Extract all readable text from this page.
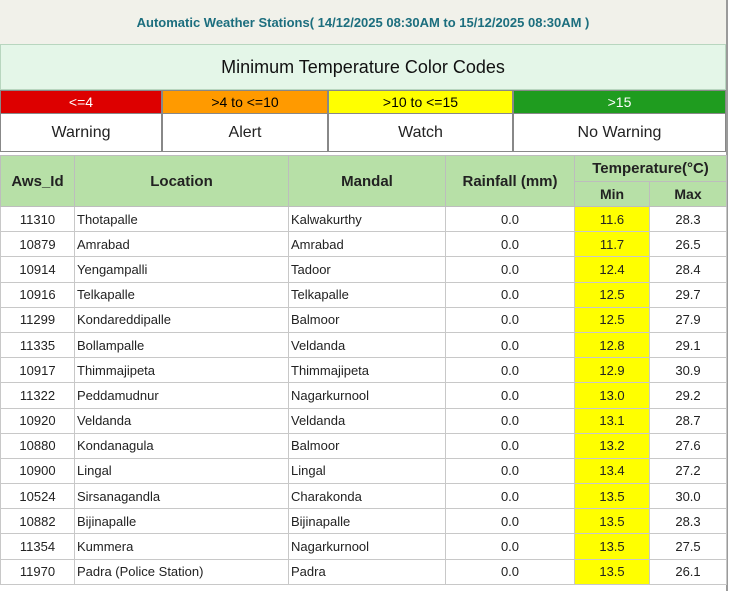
Automatic Weather Stations( 14/12/2025 08:30AM to 15/12/2025 08:30AM )
Minimum Temperature Color Codes
<=4	>4 to <=10	>10 to <=15	>15
Warning	Alert	Watch	No Warning
Aws_Id	Location	Mandal	Rainfall (mm)	Temperature(°C)	
				Min	Max
11310	Thotapalle	Kalwakurthy	0.0	11.6	28.3
10879	Amrabad	Amrabad	0.0	11.7	26.5
10914	Yengampalli	Tadoor	0.0	12.4	28.4
10916	Telkapalle	Telkapalle	0.0	12.5	29.7
11299	Kondareddipalle	Balmoor	0.0	12.5	27.9
11335	Bollampalle	Veldanda	0.0	12.8	29.1
10917	Thimmajipeta	Thimmajipeta	0.0	12.9	30.9
11322	Peddamudnur	Nagarkurnool	0.0	13.0	29.2
10920	Veldanda	Veldanda	0.0	13.1	28.7
10880	Kondanagula	Balmoor	0.0	13.2	27.6
10900	Lingal	Lingal	0.0	13.4	27.2
10524	Sirsanagandla	Charakonda	0.0	13.5	30.0
10882	Bijinapalle	Bijinapalle	0.0	13.5	28.3
11354	Kummera	Nagarkurnool	0.0	13.5	27.5
11970	Padra (Police Station)	Padra	0.0	13.5	26.1
